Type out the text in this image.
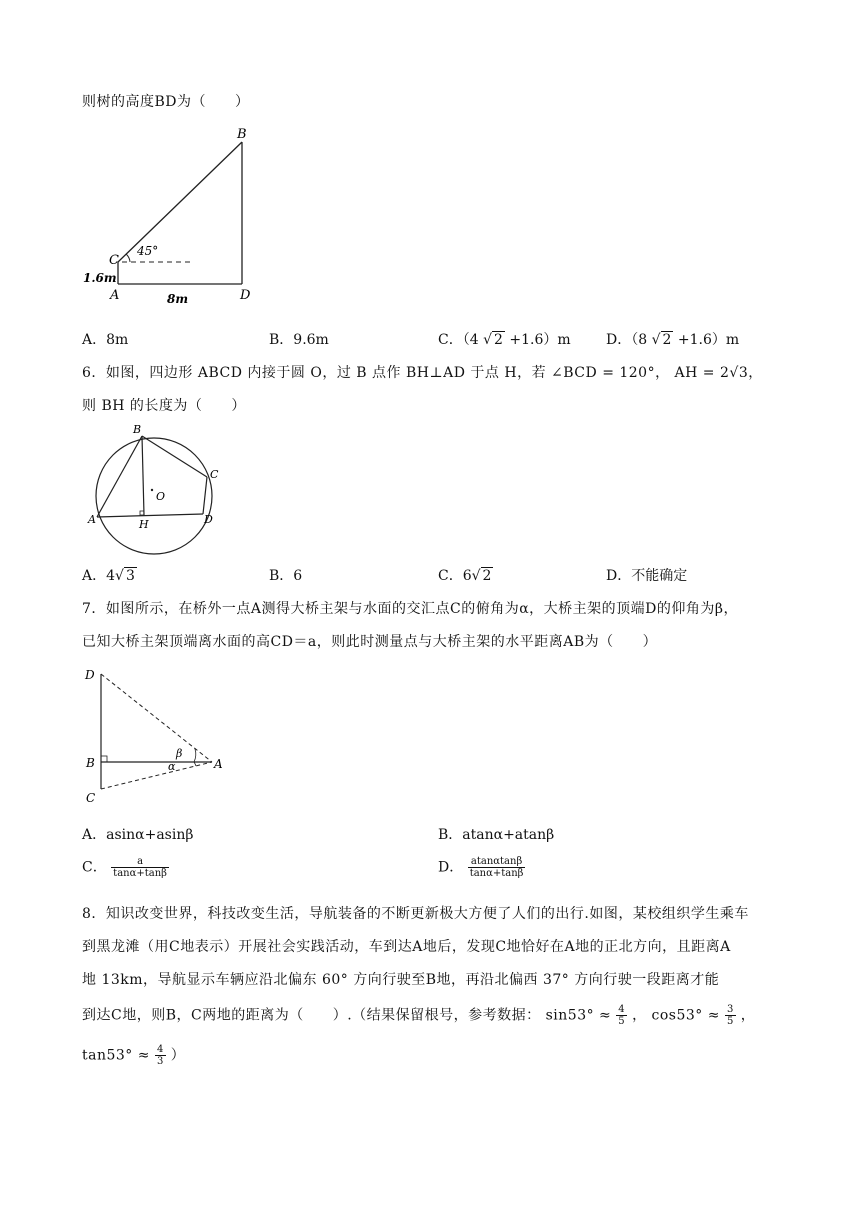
则树的高度BD为（　　）
B
C
45°
1.6m
A	8m	D
A．8m	B．9.6m	C．（4 √ 2 +1.6）m	D．（8 √ 2 +1.6）m
6．如图，四边形 ABCD 内接于圆 O，过 B 点作 BH⊥AD 于点 H，若 ∠BCD = 120°， AH = 2√3，
则 BH 的长度为（　　）
B
C
O
A	H	D
A．4√ 3	B．6	C．6√ 2	D．不能确定
7．如图所示，在桥外一点A测得大桥主架与水面的交汇点C的俯角为α，大桥主架的顶端D的仰角为β，
已知大桥主架顶端离水面的高CD＝a，则此时测量点与大桥主架的水平距离AB为（　　）
D
B
C
A
β
α
A．asinα+asinβ	B．atanα+atanβ
C． $\frac{a}{\tan\alpha+\tan\beta}$	D． $\frac{atan\alpha\tan\beta}{\tan\alpha+\tan\beta}$
8．知识改变世界，科技改变生活，导航装备的不断更新极大方便了人们的出行.如图，某校组织学生乘车
到黑龙滩（用C地表示）开展社会实践活动，车到达A地后，发现C地恰好在A地的正北方向，且距离A
地 13km，导航显示车辆应沿北偏东 60° 方向行驶至B地，再沿北偏西 37° 方向行驶一段距离才能
到达C地，则B，C两地的距离为（　　）.（结果保留根号，参考数据： $\sin 53^\circ \approx \frac{4}{5}$ ， $\cos 53^\circ \approx \frac{3}{5}$ ，
$\tan 53^\circ \approx \frac{4}{3}$ ）
